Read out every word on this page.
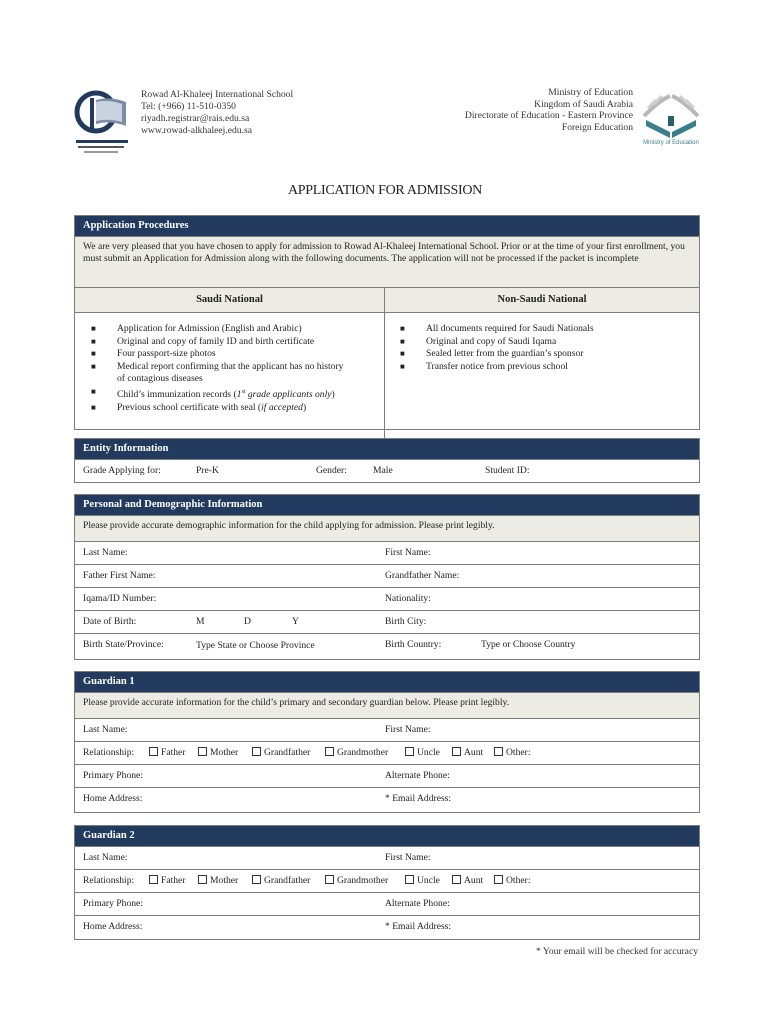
Rowad Al-Khaleej International School
Tel: (+966) 11-510-0350
riyadh.registrar@rais.edu.sa
www.rowad-alkhaleej.edu.sa
Ministry of Education
Kingdom of Saudi Arabia
Directorate of Education - Eastern Province
Foreign Education
Ministry of Education
APPLICATION FOR ADMISSION
Application Procedures
We are very pleased that you have chosen to apply for admission to Rowad Al-Khaleej International School. Prior or at the time of your first enrollment, you must submit an Application for Admission along with the following documents. The application will not be processed if the packet is incomplete
Saudi National	Non-Saudi National
■ Application for Admission (English and Arabic)
■ Original and copy of family ID and birth certificate
■ Four passport-size photos
■ Medical report confirming that the applicant has no history
of contagious diseases
■ Child’s immunization records (1st grade applicants only)
■ Previous school certificate with seal (if accepted)
■ All documents required for Saudi Nationals
■ Original and copy of Saudi Iqama
■ Sealed letter from the guardian’s sponsor
■ Transfer notice from previous school
Entity Information
Grade Applying for:	Pre-K	Gender:	Male	Student ID:
Personal and Demographic Information
Please provide accurate demographic information for the child applying for admission. Please print legibly.
Last Name:	First Name:
Father First Name:	Grandfather Name:
Iqama/ID Number:	Nationality:
Date of Birth:	M	D	Y	Birth City:
Birth State/Province:	Type State or Choose Province	Birth Country:	Type or Choose Country
Guardian 1
Please provide accurate information for the child’s primary and secondary guardian below. Please print legibly.
Last Name:	First Name:
Relationship:	Father	Mother	Grandfather	Grandmother	Uncle	Aunt	Other:
Primary Phone:	Alternate Phone:
Home Address:	* Email Address:
Guardian 2
Last Name:	First Name:
Relationship:	Father	Mother	Grandfather	Grandmother	Uncle	Aunt	Other:
Primary Phone:	Alternate Phone:
Home Address:	* Email Address:
* Your email will be checked for accuracy
